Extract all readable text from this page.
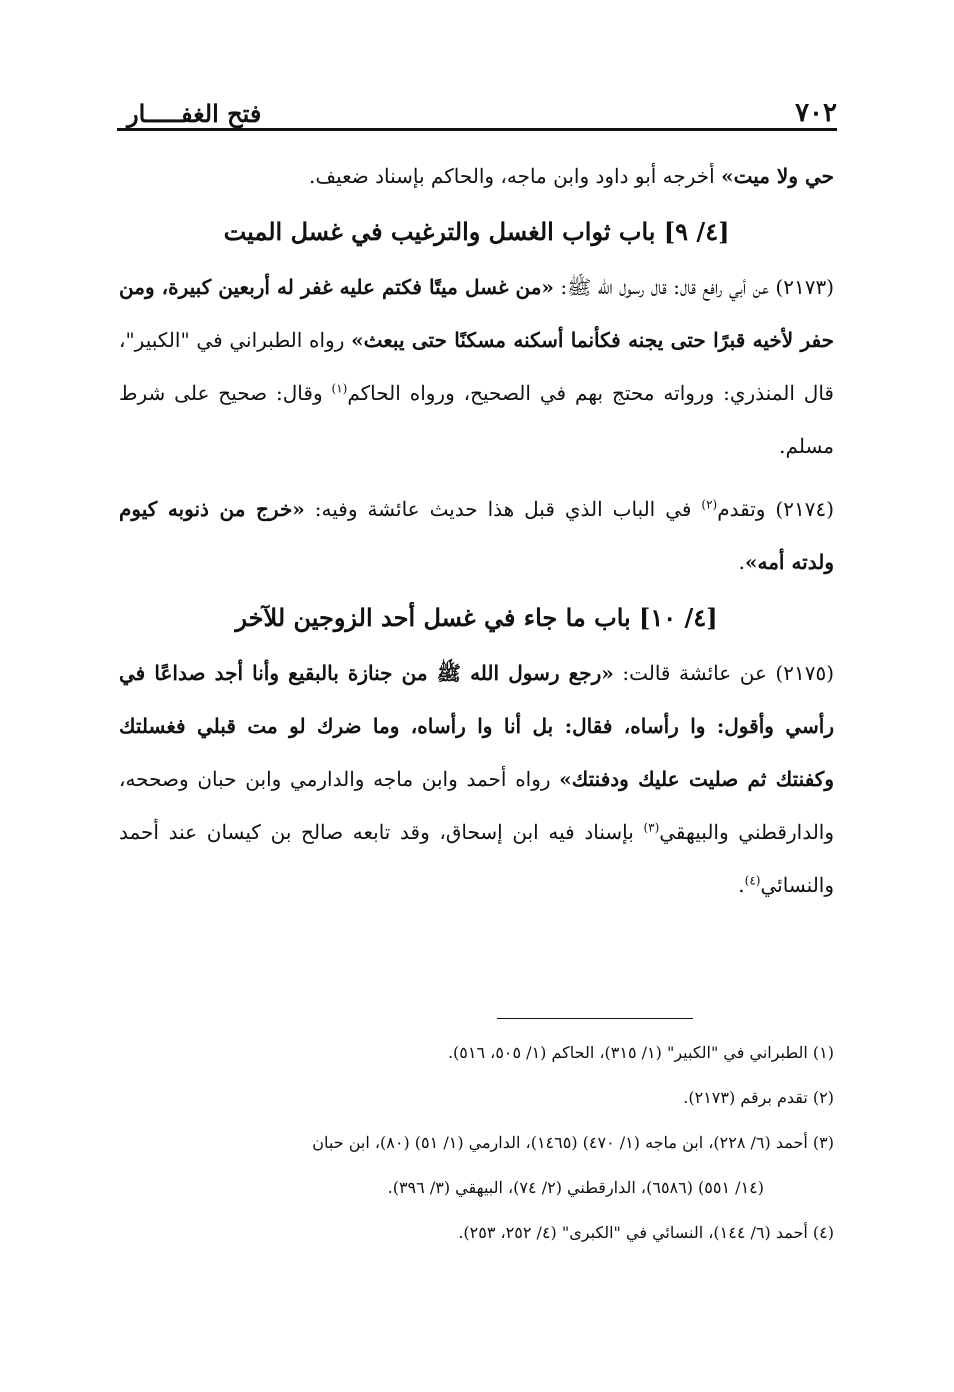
٧٠٢
فتح الغفـــــار

حي ولا ميت» أخرجه أبو داود وابن ماجه، والحاكم بإسناد ضعيف.

[٤/ ٩] باب ثواب الغسل والترغيب في غسل الميت

(٢١٧٣) عن أبي رافع قال: قال رسول الله ﷺ: «من غسل ميتًا فكتم عليه غفر له أربعين كبيرة، ومن حفر لأخيه قبرًا حتى يجنه فكأنما أسكنه مسكنًا حتى يبعث» رواه الطبراني في "الكبير"، قال المنذري: ورواته محتج بهم في الصحيح، ورواه الحاكم$^{(١)}$ وقال: صحيح على شرط مسلم.

(٢١٧٤) وتقدم$^{(٢)}$ في الباب الذي قبل هذا حديث عائشة وفيه: «خرج من ذنوبه كيوم ولدته أمه».

[٤/ ١٠] باب ما جاء في غسل أحد الزوجين للآخر

(٢١٧٥) عن عائشة قالت: «رجع رسول الله ﷺ من جنازة بالبقيع وأنا أجد صداعًا في رأسي وأقول: وا رأساه، فقال: بل أنا وا رأساه، وما ضرك لو مت قبلي فغسلتك وكفنتك ثم صليت عليك ودفنتك» رواه أحمد وابن ماجه والدارمي وابن حبان وصححه، والدارقطني والبيهقي$^{(٣)}$ بإسناد فيه ابن إسحاق، وقد تابعه صالح بن كيسان عند أحمد والنسائي$^{(٤)}$.

(١) الطبراني في "الكبير" (١/ ٣١٥)، الحاكم (١/ ٥٠٥، ٥١٦).

(٢) تقدم برقم (٢١٧٣).

(٣) أحمد (٦/ ٢٢٨)، ابن ماجه (١/ ٤٧٠) (١٤٦٥)، الدارمي (١/ ٥١) (٨٠)، ابن حبان

(١٤/ ٥٥١) (٦٥٨٦)، الدارقطني (٢/ ٧٤)، البيهقي (٣/ ٣٩٦).

(٤) أحمد (٦/ ١٤٤)، النسائي في "الكبرى" (٤/ ٢٥٢، ٢٥٣).
